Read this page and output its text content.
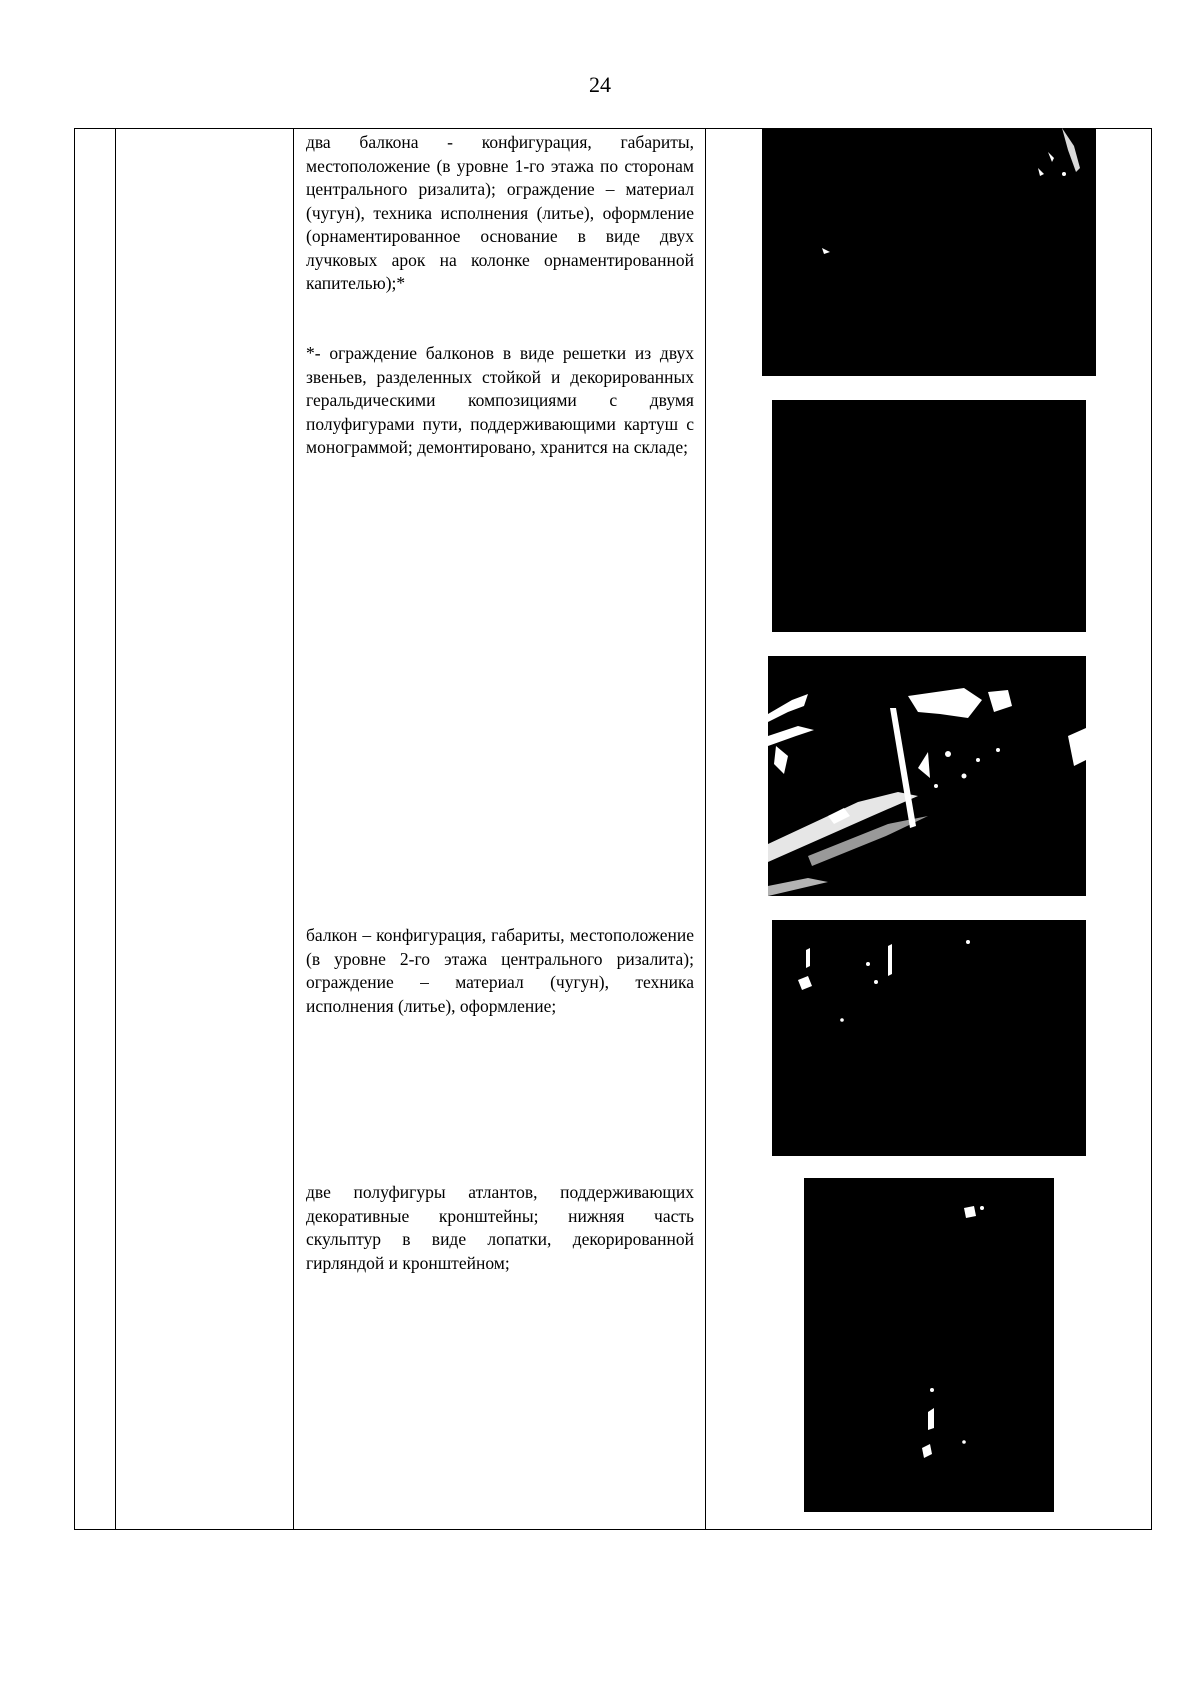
24

два балкона - конфигурация, габариты, местоположение (в уровне 1-го этажа по сторонам центрального ризалита); ограждение – материал (чугун), техника исполнения (литье), оформление (орнаментированное основание в виде двух лучковых арок на колонке орнаментированной капителью);*

*- ограждение балконов в виде решетки из двух звеньев, разделенных стойкой и декорированных геральдическими композициями с двумя полуфигурами пути, поддерживающими картуш с монограммой; демонтировано, хранится на складе;

балкон – конфигурация, габариты, местоположение (в уровне 2-го этажа центрального ризалита); ограждение – материал (чугун), техника исполнения (литье), оформление;

две полуфигуры атлантов, поддерживающих декоративные кронштейны; нижняя часть скульптур в виде лопатки, декорированной гирляндой и кронштейном;
